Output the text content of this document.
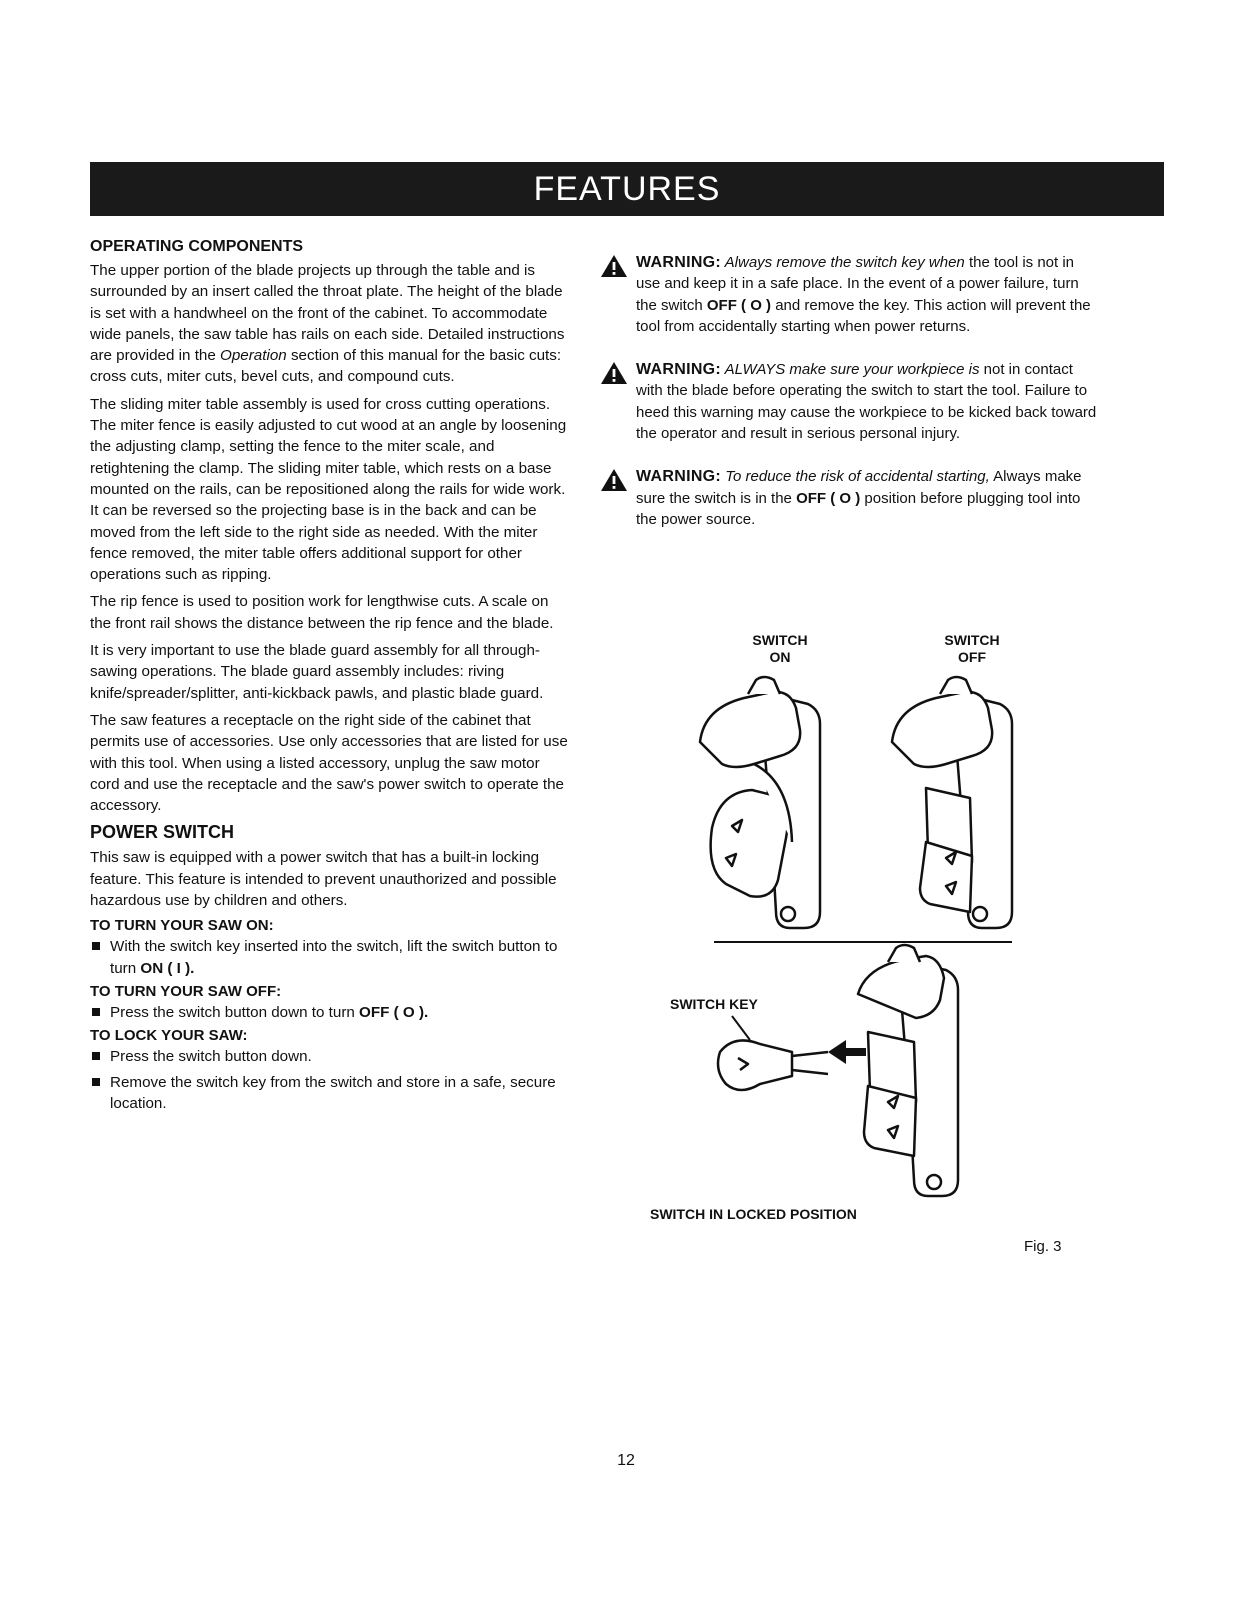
FEATURES
OPERATING COMPONENTS

The upper portion of the blade projects up through the table and is surrounded by an insert called the throat plate. The height of the blade is set with a handwheel on the front of the cabinet. To accommodate wide panels, the saw table has rails on each side. Detailed instructions are provided in the Operation section of this manual for the basic cuts: cross cuts, miter cuts, bevel cuts, and compound cuts.

The sliding miter table assembly is used for cross cutting operations. The miter fence is easily adjusted to cut wood at an angle by loosening the adjusting clamp, setting the fence to the miter scale, and retightening the clamp. The sliding miter table, which rests on a base mounted on the rails, can be repositioned along the rails for wide work. It can be reversed so the projecting base is in the back and can be moved from the left side to the right side as needed. With the miter fence removed, the miter table offers additional support for other operations such as ripping.

The rip fence is used to position work for lengthwise cuts. A scale on the front rail shows the distance between the rip fence and the blade.

It is very important to use the blade guard assembly for all through-sawing operations. The blade guard assembly includes: riving knife/spreader/splitter, anti-kickback pawls, and plastic blade guard.

The saw features a receptacle on the right side of the cabinet that permits use of accessories. Use only accessories that are listed for use with this tool. When using a listed accessory, unplug the saw motor cord and use the receptacle and the saw's power switch to operate the accessory.

POWER SWITCH

This saw is equipped with a power switch that has a built-in locking feature. This feature is intended to prevent unauthorized and possible hazardous use by children and others.

TO TURN YOUR SAW ON:
With the switch key inserted into the switch, lift the switch button to turn ON ( I ).
TO TURN YOUR SAW OFF:
Press the switch button down to turn OFF ( O ).
TO LOCK YOUR SAW:
Press the switch button down.
Remove the switch key from the switch and store in a safe, secure location.
WARNING: Always remove the switch key when the tool is not in use and keep it in a safe place. In the event of a power failure, turn the switch OFF ( O ) and remove the key. This action will prevent the tool from accidentally starting when power returns.
WARNING: ALWAYS make sure your workpiece is not in contact with the blade before operating the switch to start the tool. Failure to heed this warning may cause the workpiece to be kicked back toward the operator and result in serious personal injury.
WARNING: To reduce the risk of accidental starting, Always make sure the switch is in the OFF ( O ) position before plugging tool into the power source.
SWITCH
ON
SWITCH
OFF
SWITCH KEY
SWITCH IN LOCKED POSITION
Fig. 3
12
